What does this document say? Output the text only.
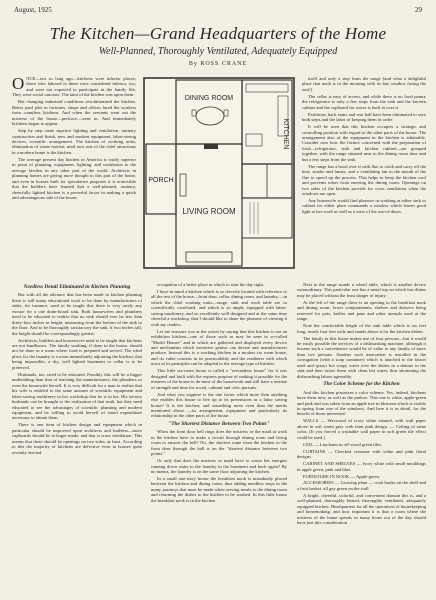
August, 1925	29
The Kitchen—Grand Headquarters of the Home
Well-Planned, Thoroughly Ventilated, Adequately Equipped
By ROSS CRANE

ONCE—not so long ago—kitchens were inferior places; those who labored in them were considered inferior, too, and were not expected to participate in the family life. They were social outcasts. The taint of the kitchen was upon them.

But changing industrial conditions revolutionized the kitchen. Better paid jobs in factories, shops and offices lured the workers from countless kitchens. And when the servants went out the mistress of the house—perforce—went in. And immediately kitchens began to appear.

Step by step came superior lighting and ventilation, sanitary construction and finish, new and modern equipment, labor-saving devices, scientific arrangement. The kitchen of working units, elimination of waste motion, until now one of the chief attractions in a modern home is the kitchen.

The average present day kitchen in America is vastly superior in point of planning, equipment, lighting, and ventilation to the average kitchen in any other part of the world. Architects in planning homes are giving more thought to this part of the home, and even in houses built for speculative purposes it is noticeable that the builders have learned that a well-planned, sanitary, cheerfully lighted kitchen is a powerful factor in making a quick and advantageous sale of the house.

DINING ROOM
PORCH
LIVING ROOM
KITCHEN

itself and only a step from the range (and what a delightful place that nook is in the morning with its bay window facing the east!).

The cellar is easy of access, and while there is no food pantry the refrigerator is only a few steps from the sink and the kitchen cabinet and the cupboard for stores is built in over it.

Partitions, back stairs and rear hall have been eliminated to save both steps and the labor of keeping them in order.

It will be seen that this kitchen occupies a strategic and controlling position with regard to the other parts of the house. The arrangement also of the equipment in the kitchen is admirable. Consider now how the factors concerned with the preparation of food—refrigerator, sink and kitchen cabinet—are grouped together, with the range situated near to the dining room door and but a few steps from the sink.

The range has a hood over it with flue to catch and carry off the heat, smoke and fumes, and a ventilating fan in the mouth of the flue to speed up the process. This helps to keep the kitchen cool and prevents odors from entering the dining room. Openings on two sides of the kitchen provide for cross ventilation when the windows are open.

Any housewife would find pleasure in working at either sink or cabinet for either place commands a window which leaves good light to her work as well as a view of the out-of-doors.

Needless Detail Eliminated in Kitchen Planning

But with all the advance that has been made in kitchen planning there is still many educational work to be done by manufacturers of sinks, for instance, used to be taught that there is very rarely any excuse for a one drain-board sink. Both housewives and plumbers need to be educated to realize that no sink should ever be less than thirty-four inches in height, measuring from the bottom of the sink to the floor. And to be thoroughly satisfactory the sink, if two inches tall, the height should be correspondingly greater.

Architects, builders and housewives need to be taught that kitchens are not bandboxes. The family washing, if done in the house, should not be done in a room where food is prepared and served. The ideal place for the laundry is a room immediately adjoining the kitchen; that being impossible, a dry, well lighted basement or cellar is to be preferred.

Husbands, too, need to be educated. Possibly this will be a bigger undertaking than that of teaching the manufacturers, the plumbers or even the housewife herself. It is very difficult for a man to realize that his wife is entitled to the same amount of scientific equipment and labor-saving machinery in her workshop that he is in his. His factory husbands can be brought to the realization of that truth, but they need educated to see the advantages of scientific planning and modern equipment, and be willing to avoid herself of toned expenditure necessary to obtain them.

There is one item of kitchen design and equipment which in particular should be improved upon architects and builders—more cupboards should be in larger made, and that is cross ventilation. This means that there should be openings on two sides, at least. According to this the majority of kitchens are defective even in houses quite recently erected.

occupation of a better place in which to start the day right.

I have in mind a kitchen which is so cleverly located with reference to all the rest of the house—front door, cellar, dining room, and laundry,—in which the chief working units—range, sink and work table are so scientifically correlated, and which is so amply equipped with labor-saving machinery, and so excellently well designed and at the same time cheerful a workshop, that I should like to share the pleasure of viewing it with my readers.

Let me reassure you at the outset by saying that this kitchen is not an exhibition kitchen—one of those such as may be seen in so-called "Model Homes" and in which are gathered and displayed every device and mechanism which inventive genius can devise and manufacturers produce. Instead this is a working kitchen in a modest six room house, and its value consists in its practicability and the readiness with which most of its principles can be adapted to the average type of kitchen.

This little six-room house is called a "servantless house" for it was designed and built with the express purpose of making it possible for the mistress of the house to do most of the housework and still have a residue of strength and time for social, cultural and civic pursuits.

And what you suppose is the one factor which more than anything else enables this house to live up to its pretensions as a labor saving house? It is the kitchen; and something more even than the merits mentioned above —its arrangement, equipment and particularly its relationship to the other parts of the house.

"The Shortest Distance Between Two Points"

When the front door bell rings does the mistress or the maid at work in the kitchen have to make a circuit through dining room and living room to answer the bell? No, the shortest route from the kitchen to the front door through the hall is on the "shortest distance between two points."

Or only that does the mistress or maid have to waste her energies running down stairs to the laundry in the basement and back again? By no means, the laundry is on the same floor adjoining the kitchen.

In a small one-story house the breakfast nook is mistakenly placed between the kitchen and dining room, thus adding needless steps in the many journeys that must be made when serving meals to the dining room and returning the dishes to the kitchen to be washed. In this little house the breakfast nook is in the kitchen

Next to the range stands a wheel table, which is another device extraordinary. This particular one has a metal top on which hot dishes may be placed without the least danger of injury.

At the left of the range there is an opening to the breakfast nook and dining room; lower compartments, shelves and drawers being reserved for pots, kettles and pans and other utensils used at the range.

Note the comfortable height of the sink table which is six feet long, nearly four feet wide and stands above it for the kitchen dishes.

The family in this house makes use of four persons—but it would be easily possible the services of a dishwashing machine; although it lessens such a convenience would be of value to any family of more than two persons. Another such innovation is installed in the corrugation (with a soap container) which is attached to the faucet used and sprays hot soapy water over the dishes in a drainer in the sink and then rinses them with clean hot water, thus shortening the dishwashing labors agreeably.

The Color Scheme for the Kitchen

And this kitchen possesses a color scheme. Yes, indeed, kitchens have them now, as well as the parlors. This one is white, apple-green and pink and was taken from an apple tree in blossom which is visible in spring from one of the windows. And here it is in detail, for the benefit of those interested:

WALLS — Waxwood of ivory white enamel, with wall paper above in soft warm gray with faint pink design. — Ceiling of same color, (If you forced a washable wall paper in soft green tile effect could be used.)

CEIL — Linoleum in off-wood green tiles.

CURTAINS — Checked cretonne with white and pink floral designs.

CABINET AND SHELVES — Ivory white with small mouldings in apple green, pink and blue.

FURNITURE IN NOOK — Apple-green.

ACCESSORIES — Growing plant — cook books on the shelf and a fruit basket, all gay green on the wall.

A bright, cheerful, colorful, and convenient domain this is, and a well-planned, thoroughly heated, thoroughly ventilated, adequately equipped kitchen. Headquarters for all the operations of housekeeping and homemaking, and how important it is that a room where the mistress of the home spends so many hours out of the day should have just this consideration.
